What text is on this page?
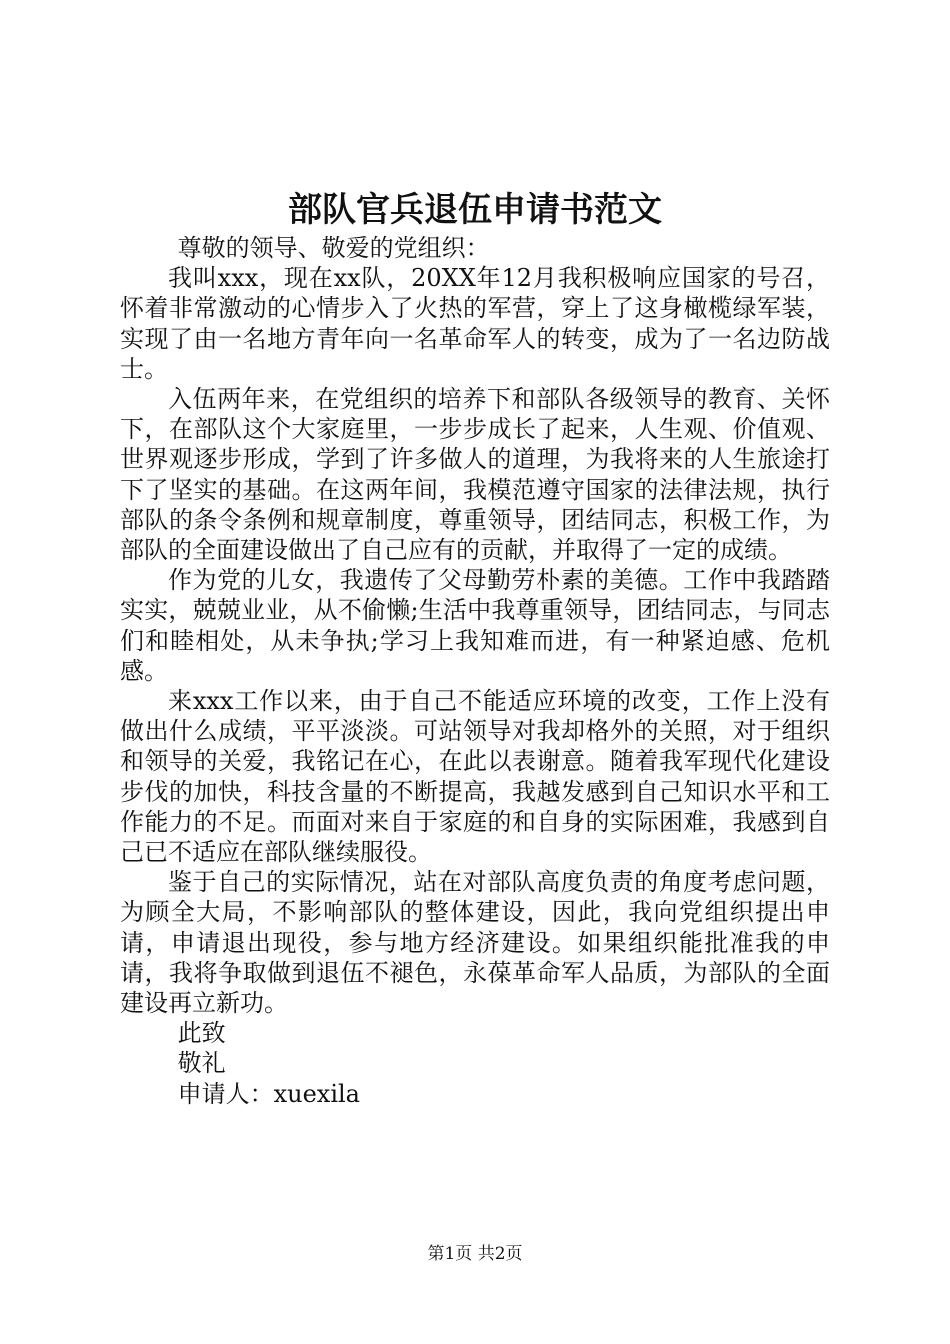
部队官兵退伍申请书范文

尊敬的领导、敬爱的党组织：

我叫xxx，现在xx队，20XX年12月我积极响应国家的号召，怀着非常激动的心情步入了火热的军营，穿上了这身橄榄绿军装，实现了由一名地方青年向一名革命军人的转变，成为了一名边防战士。

入伍两年来，在党组织的培养下和部队各级领导的教育、关怀下，在部队这个大家庭里，一步步成长了起来，人生观、价值观、世界观逐步形成，学到了许多做人的道理，为我将来的人生旅途打下了坚实的基础。在这两年间，我模范遵守国家的法律法规，执行部队的条令条例和规章制度，尊重领导，团结同志，积极工作，为部队的全面建设做出了自己应有的贡献，并取得了一定的成绩。

作为党的儿女，我遗传了父母勤劳朴素的美德。工作中我踏踏实实，兢兢业业，从不偷懒;生活中我尊重领导，团结同志，与同志们和睦相处，从未争执;学习上我知难而进，有一种紧迫感、危机感。

来xxx工作以来，由于自己不能适应环境的改变，工作上没有做出什么成绩，平平淡淡。可站领导对我却格外的关照，对于组织和领导的关爱，我铭记在心，在此以表谢意。随着我军现代化建设步伐的加快，科技含量的不断提高，我越发感到自己知识水平和工作能力的不足。而面对来自于家庭的和自身的实际困难，我感到自己已不适应在部队继续服役。

鉴于自己的实际情况，站在对部队高度负责的角度考虑问题，为顾全大局，不影响部队的整体建设，因此，我向党组织提出申请，申请退出现役，参与地方经济建设。如果组织能批准我的申请，我将争取做到退伍不褪色，永葆革命军人品质，为部队的全面建设再立新功。

此致

敬礼

申请人：xuexila

第1页 共2页
